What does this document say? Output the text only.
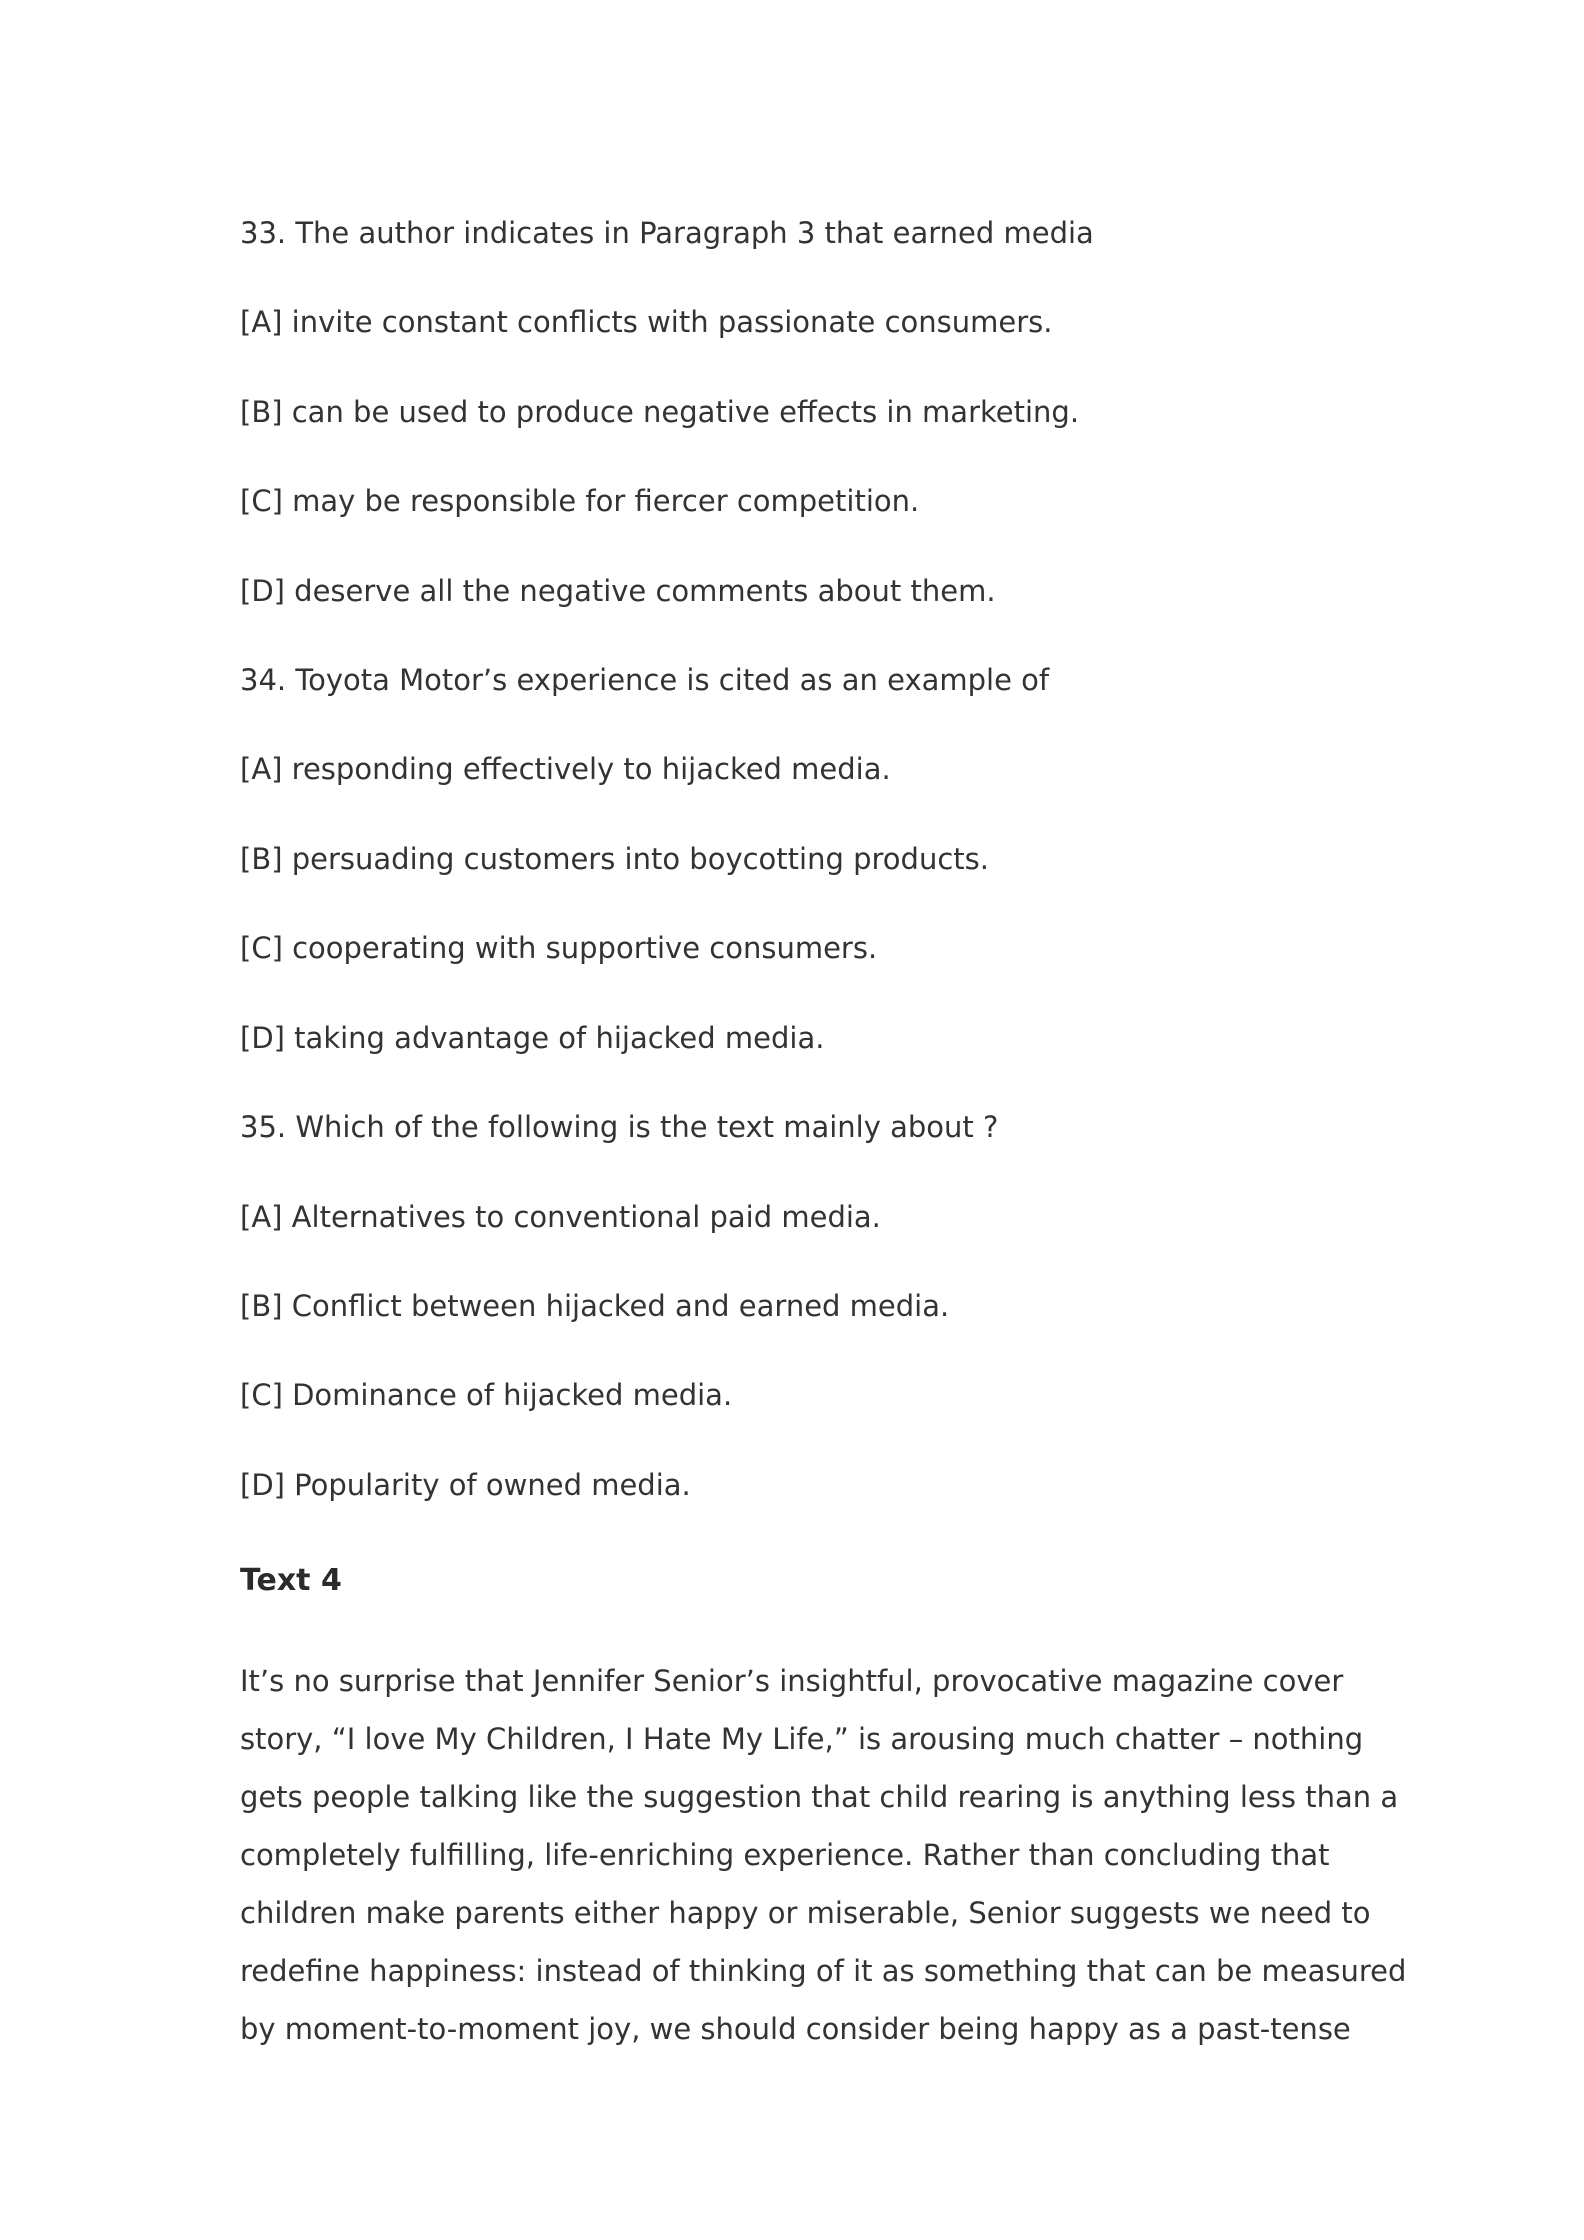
33. The author indicates in Paragraph 3 that earned media
[A] invite constant conflicts with passionate consumers.
[B] can be used to produce negative effects in marketing.
[C] may be responsible for fiercer competition.
[D] deserve all the negative comments about them.
34. Toyota Motor’s experience is cited as an example of
[A] responding effectively to hijacked media.
[B] persuading customers into boycotting products.
[C] cooperating with supportive consumers.
[D] taking advantage of hijacked media.
35. Which of the following is the text mainly about ?
[A] Alternatives to conventional paid media.
[B] Conflict between hijacked and earned media.
[C] Dominance of hijacked media.
[D] Popularity of owned media.
Text 4
It’s no surprise that Jennifer Senior’s insightful, provocative magazine cover
story, “I love My Children, I Hate My Life,” is arousing much chatter – nothing
gets people talking like the suggestion that child rearing is anything less than a
completely fulfilling, life-enriching experience. Rather than concluding that
children make parents either happy or miserable, Senior suggests we need to
redefine happiness: instead of thinking of it as something that can be measured
by moment-to-moment joy, we should consider being happy as a past-tense
